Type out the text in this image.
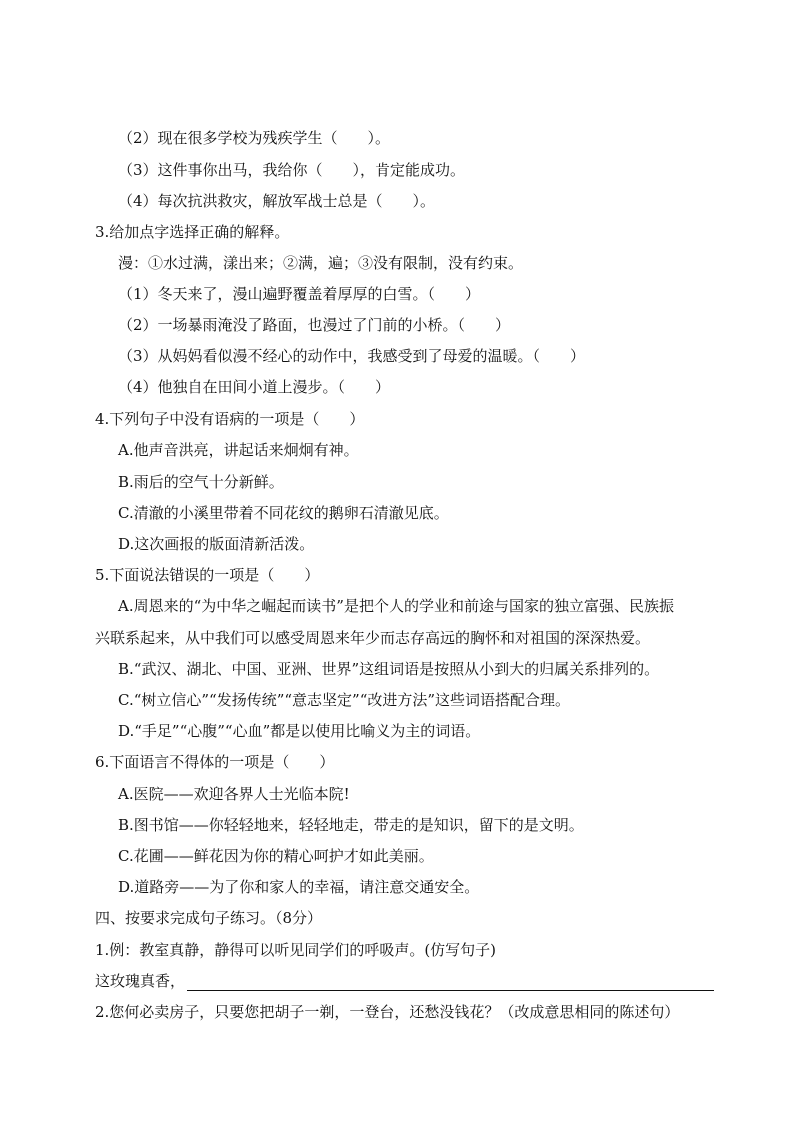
（2）现在很多学校为残疾学生（　　）。
（3）这件事你出马，我给你（　　），肯定能成功。
（4）每次抗洪救灾，解放军战士总是（　　）。
3.给加点字选择正确的解释。
漫：①水过满，漾出来；②满，遍；③没有限制，没有约束。
（1）冬天来了，漫山遍野覆盖着厚厚的白雪。（　　）
（2）一场暴雨淹没了路面，也漫过了门前的小桥。（　　）
（3）从妈妈看似漫不经心的动作中，我感受到了母爱的温暖。（　　）
（4）他独自在田间小道上漫步。（　　）
4.下列句子中没有语病的一项是（　　）
A.他声音洪亮，讲起话来炯炯有神。
B.雨后的空气十分新鲜。
C.清澈的小溪里带着不同花纹的鹅卵石清澈见底。
D.这次画报的版面清新活泼。
5.下面说法错误的一项是（　　）
A.周恩来的“为中华之崛起而读书”是把个人的学业和前途与国家的独立富强、民族振
兴联系起来，从中我们可以感受周恩来年少而志存高远的胸怀和对祖国的深深热爱。
B.“武汉、湖北、中国、亚洲、世界”这组词语是按照从小到大的归属关系排列的。
C.“树立信心”“发扬传统”“意志坚定”“改进方法”这些词语搭配合理。
D.“手足”“心腹”“心血”都是以使用比喻义为主的词语。
6.下面语言不得体的一项是（　　）
A.医院——欢迎各界人士光临本院!
B.图书馆——你轻轻地来，轻轻地走，带走的是知识，留下的是文明。
C.花圃——鲜花因为你的精心呵护才如此美丽。
D.道路旁——为了你和家人的幸福，请注意交通安全。
四、按要求完成句子练习。（8分）
1.例：教室真静，静得可以听见同学们的呼吸声。(仿写句子)
这玫瑰真香，
2.您何必卖房子，只要您把胡子一剃，一登台，还愁没钱花？（改成意思相同的陈述句）
